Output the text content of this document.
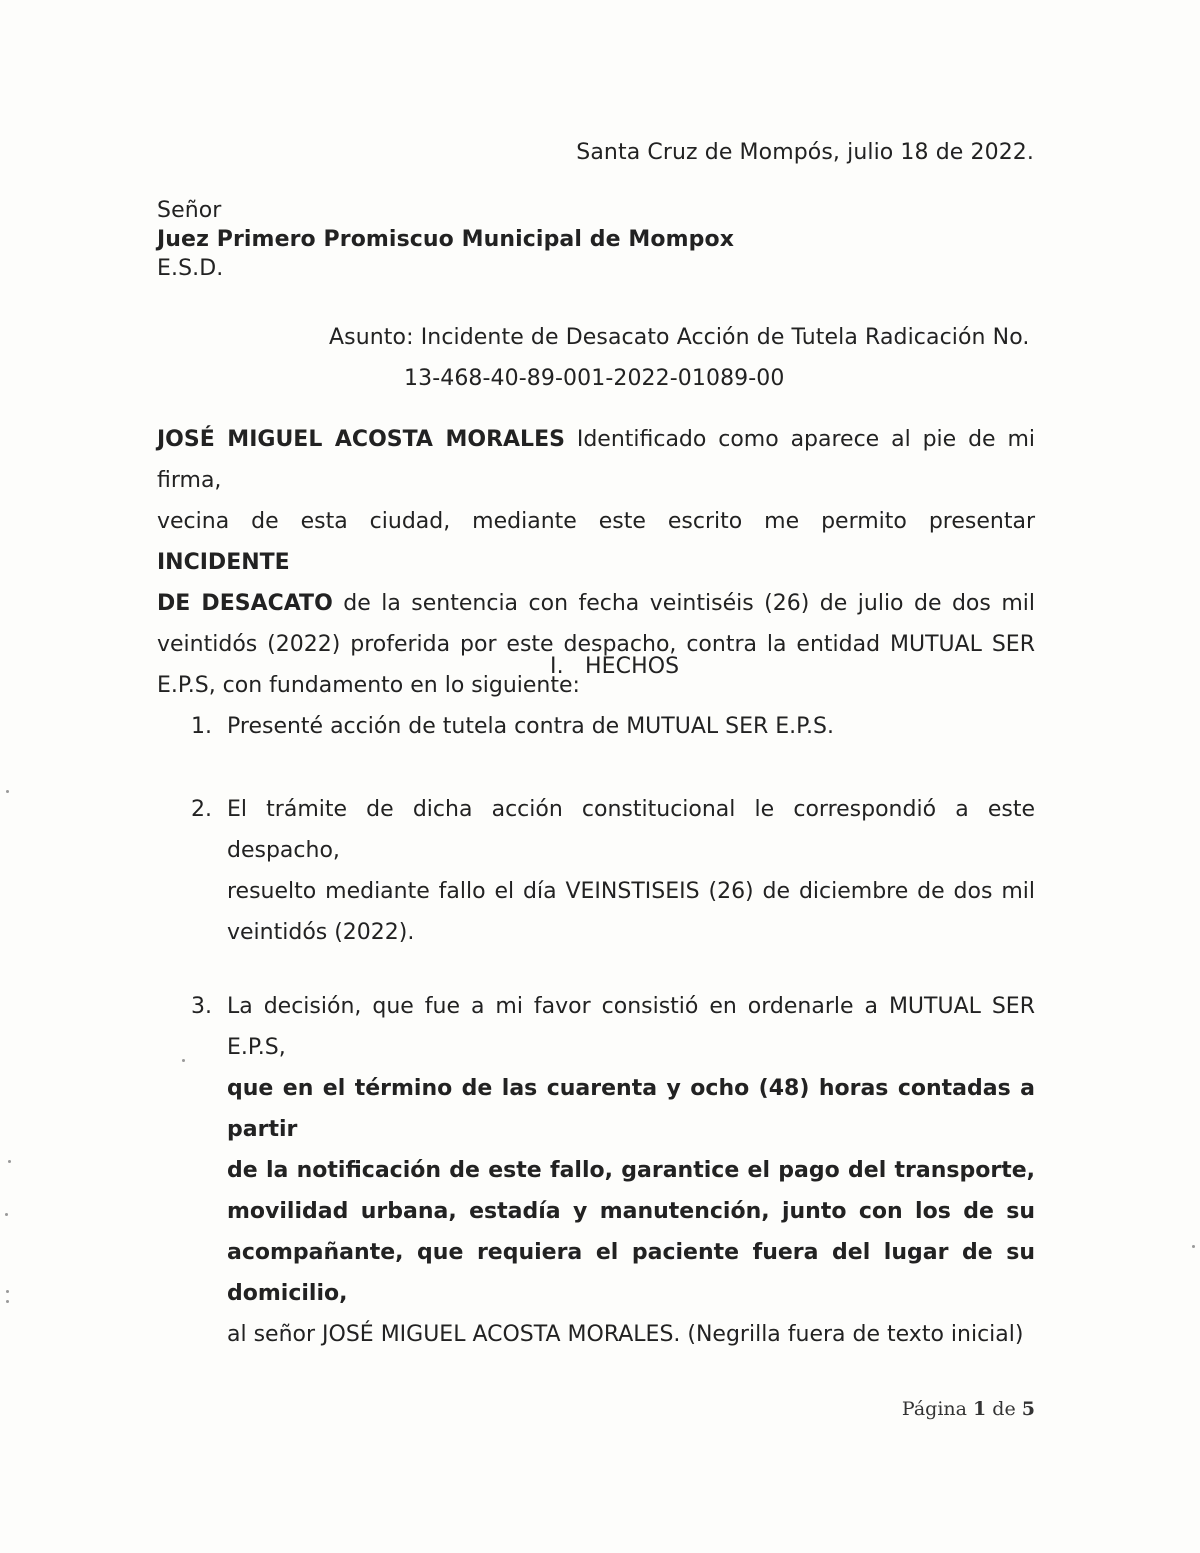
Santa Cruz de Mompós, julio 18 de 2022.
Señor
Juez Primero Promiscuo Municipal de Mompox
E.S.D.
Asunto: Incidente de Desacato Acción de Tutela Radicación No.
13-468-40-89-001-2022-01089-00
JOSÉ MIGUEL ACOSTA MORALES Identificado como aparece al pie de mi firma,
vecina de esta ciudad, mediante este escrito me permito presentar INCIDENTE
DE DESACATO de la sentencia con fecha veintiséis (26) de julio de dos mil
veintidós (2022) proferida por este despacho, contra la entidad MUTUAL SER
E.P.S, con fundamento en lo siguiente:
I.   HECHOS
1. Presenté acción de tutela contra de MUTUAL SER E.P.S.
2. El trámite de dicha acción constitucional le correspondió a este despacho,
resuelto mediante fallo el día VEINSTISEIS (26) de diciembre de dos mil
veintidós (2022).
3. La decisión, que fue a mi favor consistió en ordenarle a MUTUAL SER E.P.S,
que en el término de las cuarenta y ocho (48) horas contadas a partir
de la notificación de este fallo, garantice el pago del transporte,
movilidad urbana, estadía y manutención, junto con los de su
acompañante, que requiera el paciente fuera del lugar de su domicilio,
al señor JOSÉ MIGUEL ACOSTA MORALES. (Negrilla fuera de texto inicial)
Página 1 de 5
